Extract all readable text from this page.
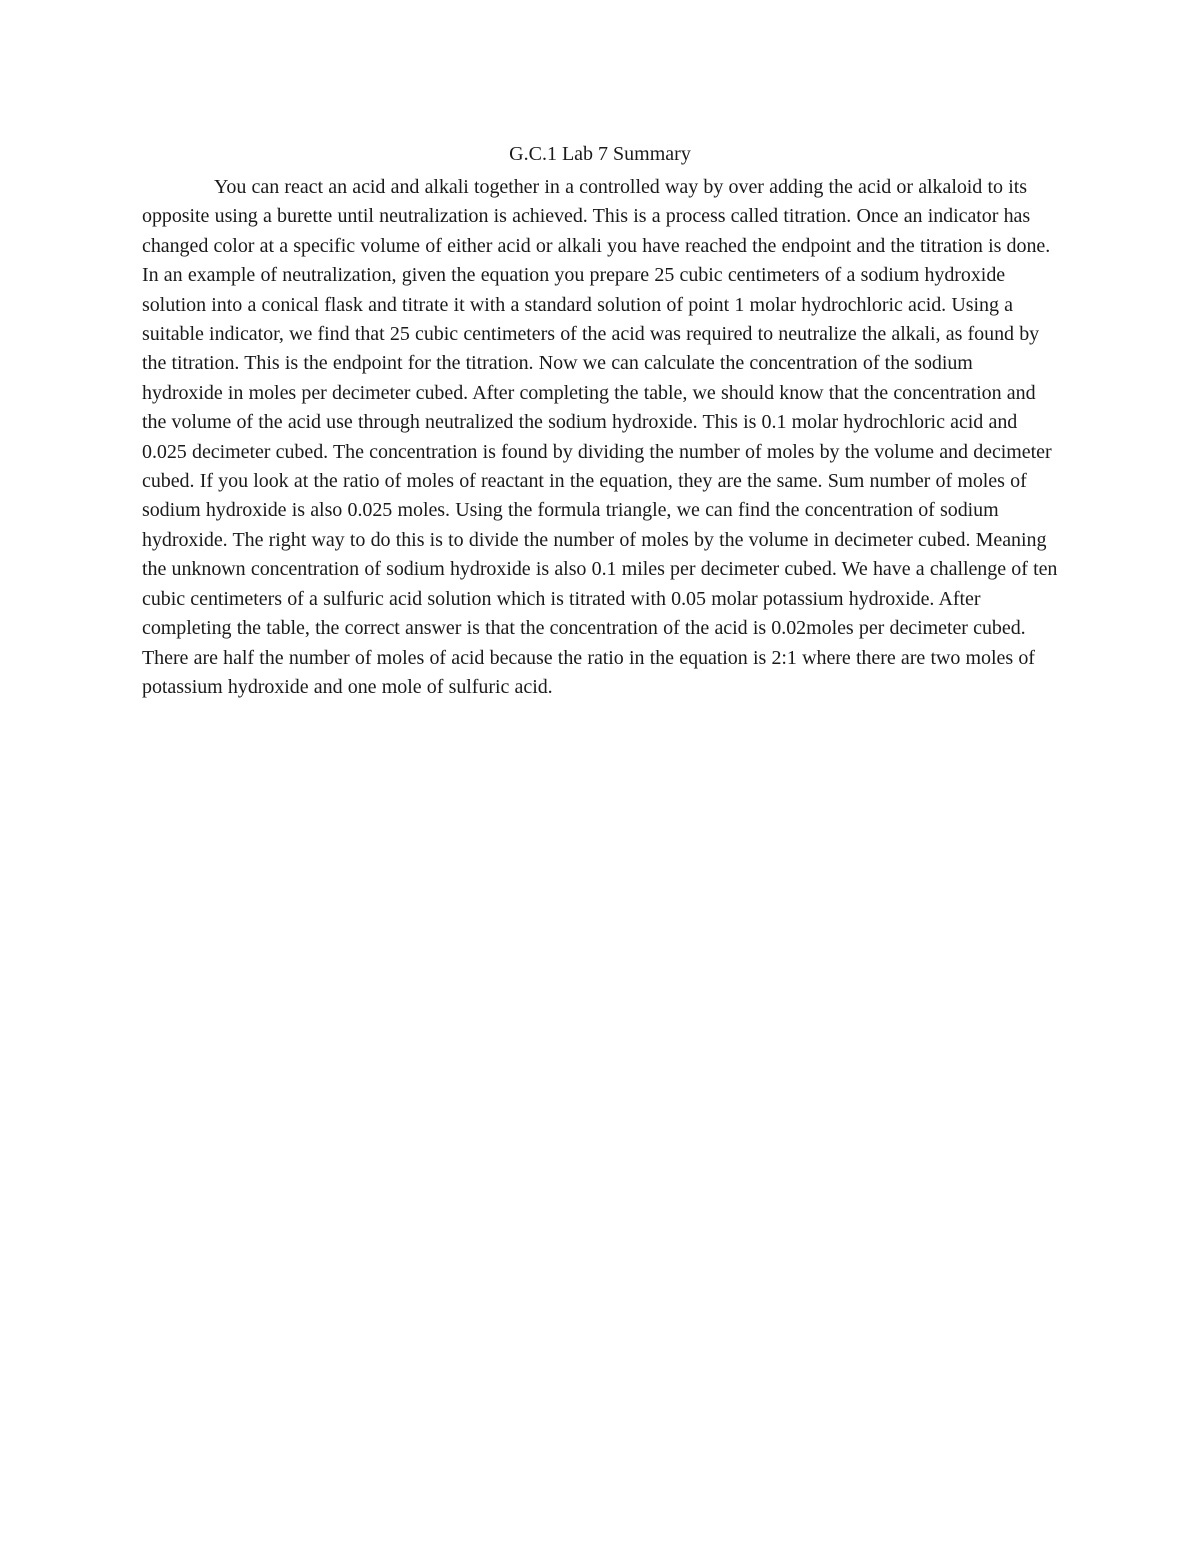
G.C.1 Lab 7 Summary

You can react an acid and alkali together in a controlled way by over adding the acid or alkaloid to its opposite using a burette until neutralization is achieved. This is a process called titration. Once an indicator has changed color at a specific volume of either acid or alkali you have reached the endpoint and the titration is done. In an example of neutralization, given the equation you prepare 25 cubic centimeters of a sodium hydroxide solution into a conical flask and titrate it with a standard solution of point 1 molar hydrochloric acid. Using a suitable indicator, we find that 25 cubic centimeters of the acid was required to neutralize the alkali, as found by the titration. This is the endpoint for the titration. Now we can calculate the concentration of the sodium hydroxide in moles per decimeter cubed. After completing the table, we should know that the concentration and the volume of the acid use through neutralized the sodium hydroxide. This is 0.1 molar hydrochloric acid and 0.025 decimeter cubed. The concentration is found by dividing the number of moles by the volume and decimeter cubed. If you look at the ratio of moles of reactant in the equation, they are the same. Sum number of moles of sodium hydroxide is also 0.025 moles. Using the formula triangle, we can find the concentration of sodium hydroxide. The right way to do this is to divide the number of moles by the volume in decimeter cubed. Meaning the unknown concentration of sodium hydroxide is also 0.1 miles per decimeter cubed. We have a challenge of ten cubic centimeters of a sulfuric acid solution which is titrated with 0.05 molar potassium hydroxide. After completing the table, the correct answer is that the concentration of the acid is 0.02moles per decimeter cubed. There are half the number of moles of acid because the ratio in the equation is 2:1 where there are two moles of potassium hydroxide and one mole of sulfuric acid.
